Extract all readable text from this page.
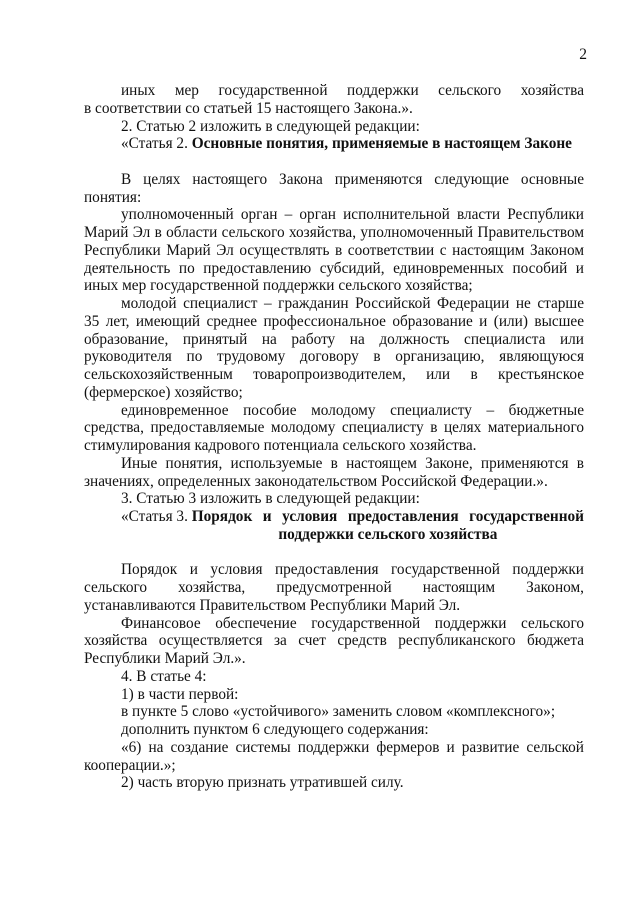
2

иных мер государственной поддержки сельского хозяйства

в соответствии со статьей 15 настоящего Закона.».

2. Статью 2 изложить в следующей редакции:

«Статья 2. Основные понятия, применяемые в настоящем Законе

В целях настоящего Закона применяются следующие основные понятия:

уполномоченный орган – орган исполнительной власти Республики Марий Эл в области сельского хозяйства, уполномоченный Правительством Республики Марий Эл осуществлять в соответствии с настоящим Законом деятельность по предоставлению субсидий, единовременных пособий и иных мер государственной поддержки сельского хозяйства;

молодой специалист – гражданин Российской Федерации не старше 35 лет, имеющий среднее профессиональное образование и (или) высшее образование, принятый на работу на должность специалиста или руководителя по трудовому договору в организацию, являющуюся сельскохозяйственным товаропроизводителем, или в крестьянское (фермерское) хозяйство;

единовременное пособие молодому специалисту – бюджетные средства, предоставляемые молодому специалисту в целях материального стимулирования кадрового потенциала сельского хозяйства.

Иные понятия, используемые в настоящем Законе, применяются в значениях, определенных законодательством Российской Федерации.».

3. Статью 3 изложить в следующей редакции:

«Статья 3. Порядок и условия предоставления государственной поддержки сельского хозяйства

Порядок и условия предоставления государственной поддержки сельского хозяйства, предусмотренной настоящим Законом, устанавливаются Правительством Республики Марий Эл.

Финансовое обеспечение государственной поддержки сельского хозяйства осуществляется за счет средств республиканского бюджета Республики Марий Эл.».

4. В статье 4:

1) в части первой:

в пункте 5 слово «устойчивого» заменить словом «комплексного»;

дополнить пунктом 6 следующего содержания:

«6) на создание системы поддержки фермеров и развитие сельской кооперации.»;

2) часть вторую признать утратившей силу.
